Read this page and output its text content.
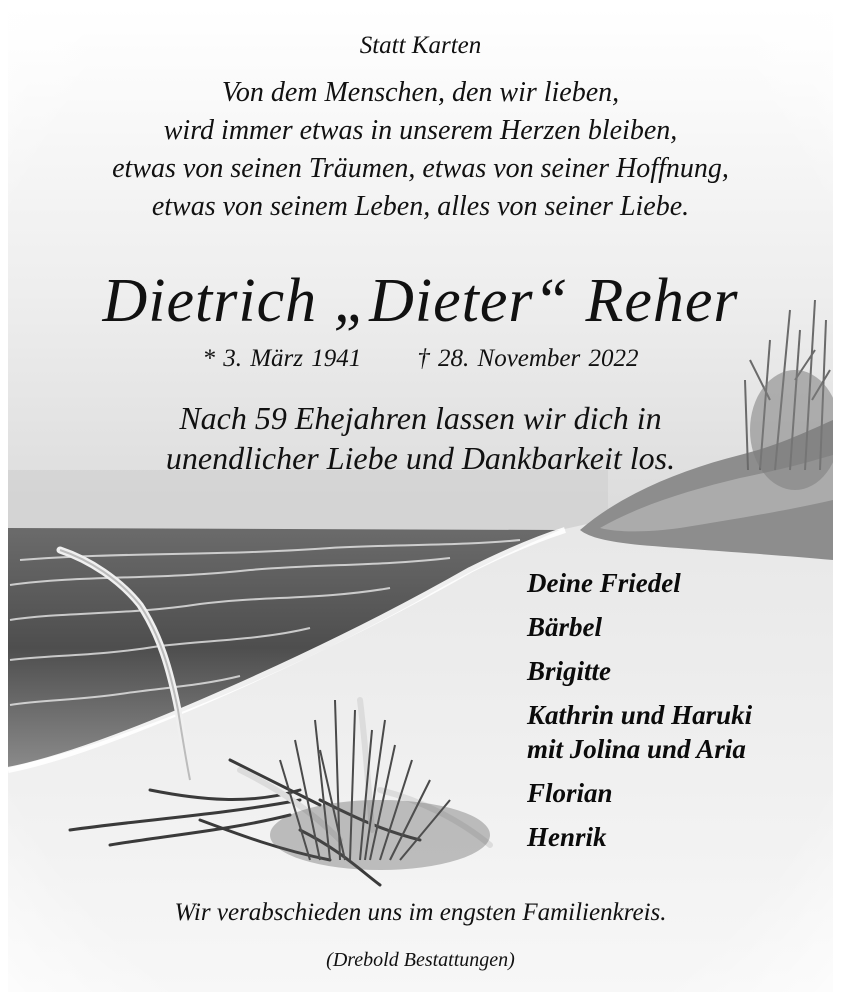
Statt Karten
Von dem Menschen, den wir lieben,
wird immer etwas in unserem Herzen bleiben,
etwas von seinen Träumen, etwas von seiner Hoffnung,
etwas von seinem Leben, alles von seiner Liebe.
Dietrich „Dieter“ Reher
* 3. März 1941 † 28. November 2022
Nach 59 Ehejahren lassen wir dich in
unendlicher Liebe und Dankbarkeit los.
Deine Friedel
Bärbel
Brigitte
Kathrin und Haruki
mit Jolina und Aria
Florian
Henrik
Wir verabschieden uns im engsten Familienkreis.
(Drebold Bestattungen)
